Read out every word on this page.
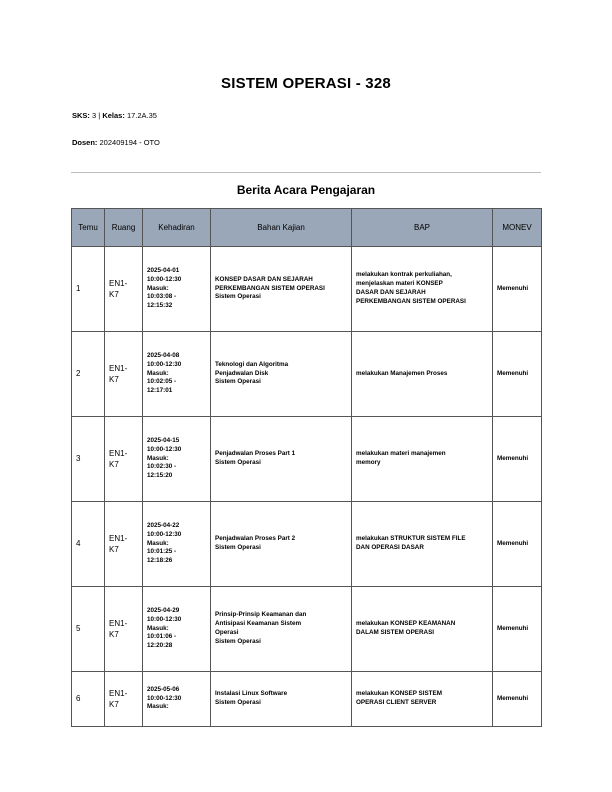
SISTEM OPERASI - 328
SKS: 3 | Kelas: 17.2A.35
Dosen: 202409194 - OTO
Berita Acara Pengajaran
Temu	Ruang	Kehadiran	Bahan Kajian	BAP	MONEV
1	EN1-
K7	2025-04-01
10:00-12:30
Masuk:
10:03:08 -
12:15:32	KONSEP DASAR DAN SEJARAH
PERKEMBANGAN SISTEM OPERASI
Sistem Operasi	melakukan kontrak perkuliahan,
menjelaskan materi KONSEP
DASAR DAN SEJARAH
PERKEMBANGAN SISTEM OPERASI	Memenuhi
2	EN1-
K7	2025-04-08
10:00-12:30
Masuk:
10:02:05 -
12:17:01	Teknologi dan Algoritma
Penjadwalan Disk
Sistem Operasi	melakukan Manajemen Proses	Memenuhi
3	EN1-
K7	2025-04-15
10:00-12:30
Masuk:
10:02:30 -
12:15:20	Penjadwalan Proses Part 1
Sistem Operasi	melakukan materi manajemen
memory	Memenuhi
4	EN1-
K7	2025-04-22
10:00-12:30
Masuk:
10:01:25 -
12:18:26	Penjadwalan Proses Part 2
Sistem Operasi	melakukan STRUKTUR SISTEM FILE
DAN OPERASI DASAR	Memenuhi
5	EN1-
K7	2025-04-29
10:00-12:30
Masuk:
10:01:06 -
12:20:28	Prinsip-Prinsip Keamanan dan
Antisipasi Keamanan Sistem
Operasi
Sistem Operasi	melakukan KONSEP KEAMANAN
DALAM SISTEM OPERASI	Memenuhi
6	EN1-
K7	2025-05-06
10:00-12:30
Masuk:	Instalasi Linux Software
Sistem Operasi	melakukan KONSEP SISTEM
OPERASI CLIENT SERVER	Memenuhi
